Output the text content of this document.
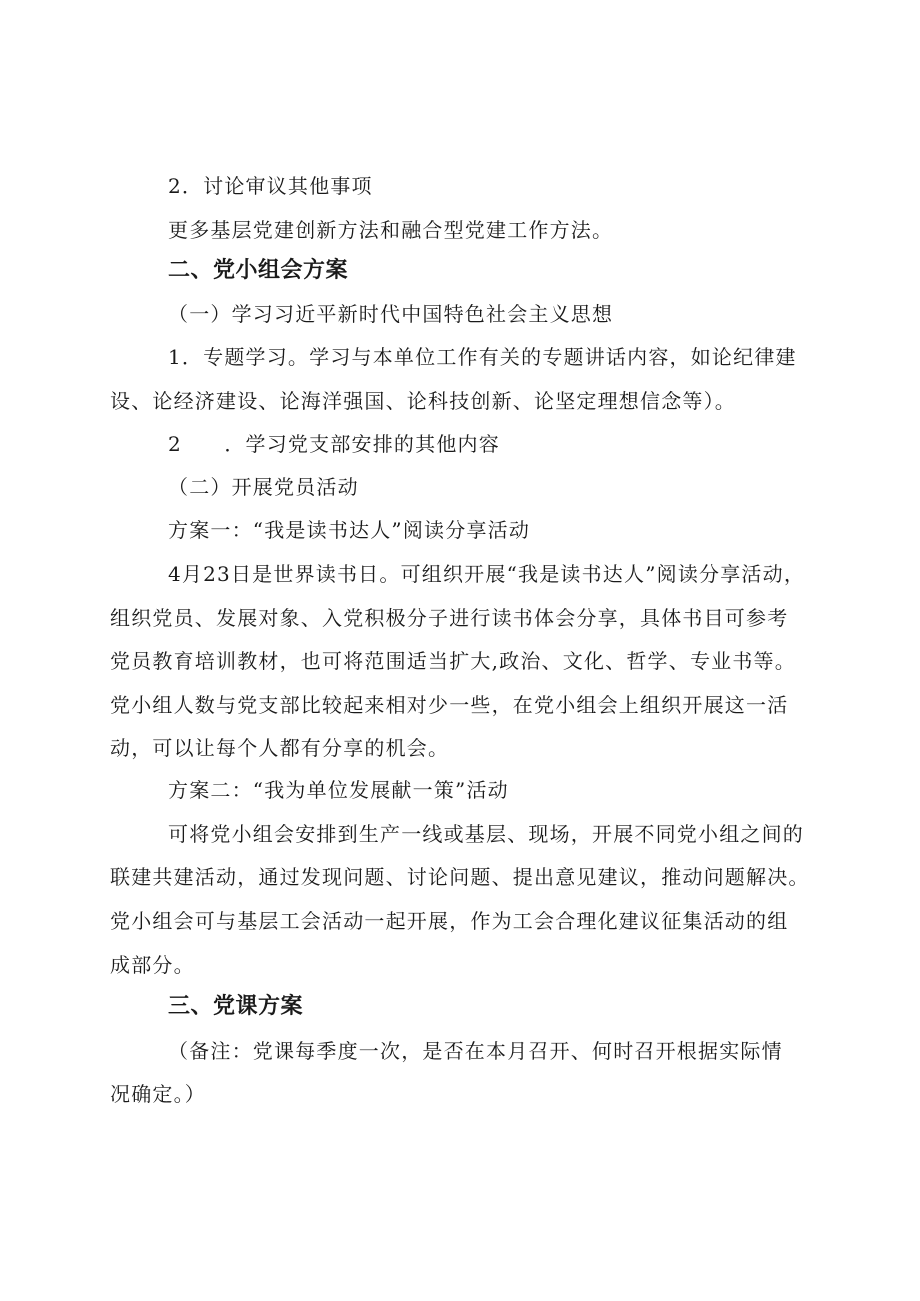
2．讨论审议其他事项
更多基层党建创新方法和融合型党建工作方法。
二、党小组会方案
（一）学习习近平新时代中国特色社会主义思想
1．专题学习。学习与本单位工作有关的专题讲话内容，如论纪律建
设、论经济建设、论海洋强国、论科技创新、论坚定理想信念等）。
2　　．学习党支部安排的其他内容
（二）开展党员活动
方案一：“我是读书达人”阅读分享活动
4月23日是世界读书日。可组织开展“我是读书达人”阅读分享活动，
组织党员、发展对象、入党积极分子进行读书体会分享，具体书目可参考
党员教育培训教材，也可将范围适当扩大,政治、文化、哲学、专业书等。
党小组人数与党支部比较起来相对少一些，在党小组会上组织开展这一活
动，可以让每个人都有分享的机会。
方案二：“我为单位发展献一策”活动
可将党小组会安排到生产一线或基层、现场，开展不同党小组之间的
联建共建活动，通过发现问题、讨论问题、提出意见建议，推动问题解决。
党小组会可与基层工会活动一起开展，作为工会合理化建议征集活动的组
成部分。
三、党课方案
（备注：党课每季度一次，是否在本月召开、何时召开根据实际情
况确定。）
